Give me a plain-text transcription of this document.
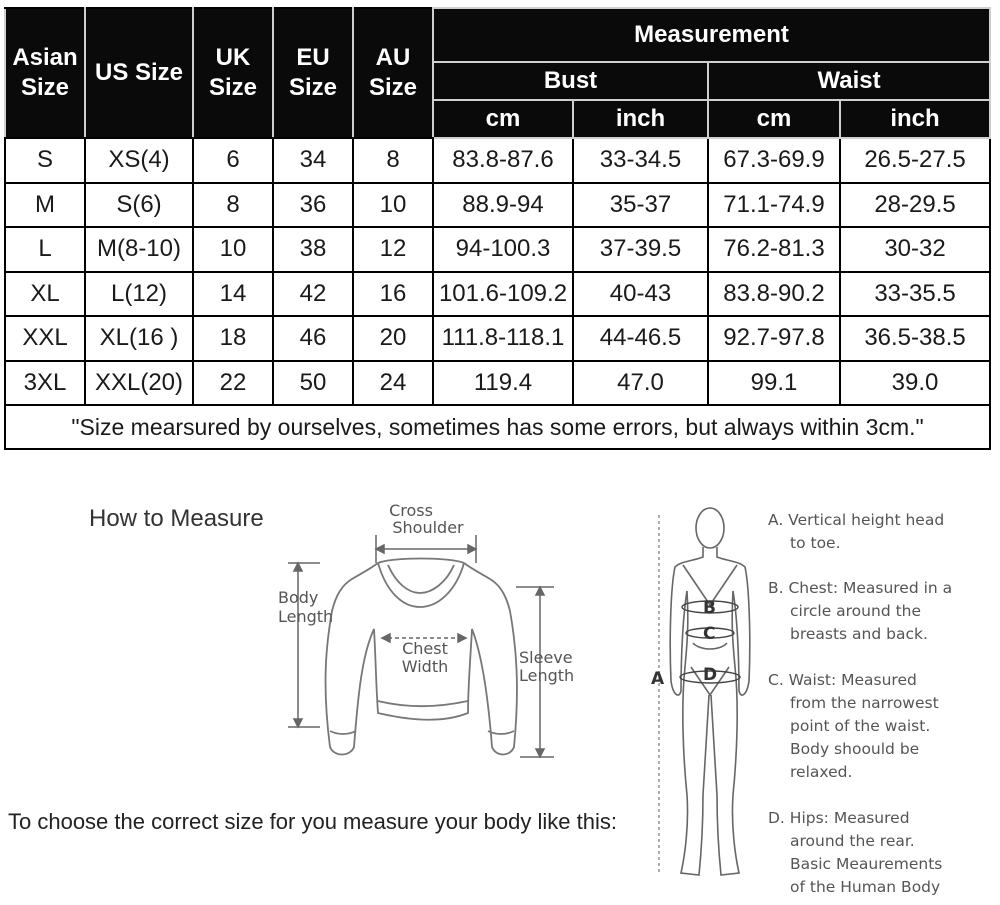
Asian Size	US Size	UK Size	EU Size	AU Size	Measurement			
					Bust		Waist	
					cm	inch	cm	inch
S	XS(4)	6	34	8	83.8-87.6	33-34.5	67.3-69.9	26.5-27.5
M	S(6)	8	36	10	88.9-94	35-37	71.1-74.9	28-29.5
L	M(8-10)	10	38	12	94-100.3	37-39.5	76.2-81.3	30-32
XL	L(12)	14	42	16	101.6-109.2	40-43	83.8-90.2	33-35.5
XXL	XL(16 )	18	46	20	111.8-118.1	44-46.5	92.7-97.8	36.5-38.5
3XL	XXL(20)	22	50	24	119.4	47.0	99.1	39.0
"Size mearsured by ourselves, sometimes has some errors, but always within 3cm."								
How to Measure	Cross
Shoulder
Body
Length
Chest
Width	Sleeve
Length
B
C
D
A
A. Vertical height head
to toe.
B. Chest: Measured in a
circle around the
breasts and back.
C. Waist: Measured
from the narrowest
point of the waist.
Body shoould be
relaxed.
D. Hips: Measured
around the rear.
Basic Meaurements
of the Human Body
To choose the correct size for you measure your body like this:
